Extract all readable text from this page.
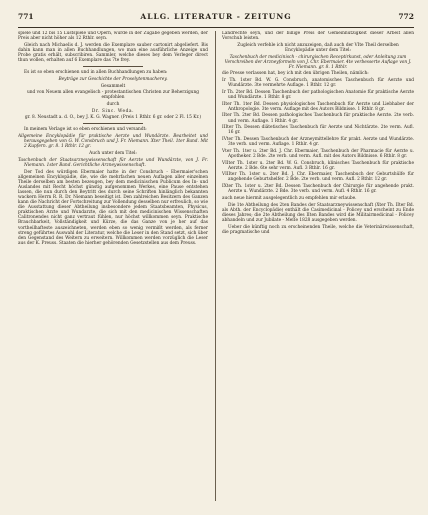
771	ALLG. LITERATUR - ZEITUNG	772

spiele und 12 bis 15 Lustspiele und Opern, würde in der Zugabe gegeben werden, der Preis aber nicht höher als 12 Rthlr. seyn.

Gleich nach Michaelis d. J. werden die Exemplare sauber cartonirt abgeliefert. Bis dahin kann man in allen Buchhandlungen, wo man eine ausführliche Anzeige und Probe gratis erhält, subscribiren. Sammler, welche dieses bey dem Verleger direct thun wollen, erhalten auf 6 Exemplare das 7te frey.

Es ist so eben erschienen und in allen Buchhandlungen zu haben:

Beyträge zur Geschichte der Proselytenmacherey.

Gesammelt

und von Neuem allen evangelisch - protestantischen Christen zur Beherzigung empfohlen

durch

Dr. Sinc. Weda.

gr. 8. Neustadt a. d. O., bey J. K. G. Wagner. (Preis 1 Rthlr. 6 gr. oder 2 Fl. 15 Kr.)

In meinem Verlage ist so eben erschienen und versandt:

Allgemeine Encyklopädie für praktische Aerzte und Wundärzte. Bearbeitet und herausgegeben von G. W. Consbruch und J. Fr. Niemann. Xter Theil. 1ter Band. Mit 2 Kupfern. gr. 8. 1 Rthlr. 12 gr.

Auch unter dem Titel:

Taschenbuch der Staatsarzneywissenschaft für Aerzte und Wundärzte, von J. Fr. Niemann. 1ster Band. Gerichtliche Arzneywissenschaft.

Der Tod des würdigen Ebermaier hatte in der Consbruch - Ebermaier'schen allgemeinen Encyklopädie, die, wie die mehrfachen neuen Auflagen aller einzelnen Theile derselben am besten bezeugen, bey dem medicinischen Publicum des In- und Auslandes mit Recht höchst günstig aufgenommen Werkes, eine Pause entstehen lassen, die nun durch den Beytritt des durch seine Schriften hinlänglich bekannten wackern Herrn R. R. Dr. Niemann beseitigt ist. Den zahlreichen Besitzern des Ganzen kann die Nachricht der Fortschreitung zur Vollendung desselben nur erfreulich, so wie die Ausstattung dieser Abtheilung insbesondere jedem Staatsbeamten, Physicus, praktischen Arzte und Wundarzte, die sich mit den medicinischen Wissenschaften Calitronendes nicht ganz vertraut fühlen, nur höchst willkommen seyn. Praktische Brauchbarkeit, Vollständigkeit und Kürze, die das Ganze von je her auf das vortheilhafteste auszeichneten, werden eben so wenig vermißt werden, als ferner streng geführtes Auswahl der Literatur, welche die Leser in den Stand setzt, sich über den Gegenstand des Weitern zu erweitern. Willkommen werden vorzüglich die Leser aus der K. Preuss. Staaten die hierher gehörenden Gesetzstellen aus dem Preuss.

Landrechte seyn, und der billige Preis der Gemeinnützigkeit dieser Arbeit allen Vorschub leisten.

Zugleich verfehle ich nicht anzuzeigen, daß auch der VIte Theil derselben Encyklopädie unter dem Titel:

Taschenbuch der medicinisch - chirurgischen Receptirkunst, oder Anleitung zum Verschreiben der Arzneyformeln von J. Chr. Ebermaier. 4te verbesserte Auflage von J. Fr. Niemann. gr. 8. 1 Rthlr.

die Presse verlassen hat, bey ich mit den übrigen Theilen, nämlich:

Ir Th. 1ster Bd. W. G. Consbruch, anatomisches Taschenbuch für Aerzte und Wundärzte. 3te vermehrte Auflage. 1 Rthlr. 12 gr.

Ir Th. 2ter Bd. Dessen Taschenbuch der pathologischen Anatomie für praktische Aerzte und Wundärzte. 1 Rthlr. 8 gr.

IIter Th. 1ter Bd. Dessen physiologisches Taschenbuch für Aerzte und Liebhaber der Anthropologie. 3te verm. Auflage mit des Autors Bildnisse. 1 Rthlr. 8 gr.

IIter Th. 2ter Bd. Dessen pathologisches Taschenbuch für praktische Aerzte. 2te verb. und verm. Auflage. 1 Rthlr. 4 gr.

IIIter Th. Dessen diätetisches Taschenbuch für Aerzte und Nichtärzte. 2te verm. Aufl. 16 gr.

IVter Th. Dessen Taschenbuch der Arzneymittellehre für prakt. Aerzte und Wundärzte. 3te verb. und verm. Auflage. 1 Rthlr. 4 gr.

Vter Th. 1ter u. 2ter Bd. J. Chr. Ebermaier, Taschenbuch der Pharmacie für Aerzte u. Apotheker. 2 Bde. 2te verb. und verm. Aufl. mit des Autors Bildnisse. 6 Rthlr. 8 gr.

VIIter Th. 1ster u. 2ter Bd. W. G. Consbruch, klinisches Taschenbuch für praktische Aerzte. 2 Bde. 6te sehr verm. Aufl. 3 Rthlr. 16 gr.

VIIIter Th. 1ster u. 2ter Bd. J. Chr. Ebermaier, Taschenbuch der Geburtshülfe für angehende Geburtshelfer. 2 Bde. 2te verb. und verm. Aufl. 2 Rthlr. 12 gr.

IXter Th. 1ster u. 2ter Bd. Dessen Taschenbuch der Chirurgie für angehende prakt. Aerzte u. Wundärzte. 2 Bde. 3te verb. und verm. Aufl. 4 Rthlr. 16 gr.

auch neue hiermit ausgelegentlich zu empfehlen mir erlaube.

Die 1te Abtheilung des 2ten Bandes der Staatsarzneywissenschaft (Xter Th. IIter Bd. als Abth. der Encyclopädie) enthält die Casimedicinal - Policey und erscheint zu Ende dieses Jahres; die 2te Abtheilung des IIten Bandes wird die Militairmedicinal - Policey abhandeln und zur Jubilate - Meſſe 1828 ausgegeben werden.

Ueber die künftig noch zu erscheinenden Theile, welche die Veterinärwissenschaft, die pragmatische und
